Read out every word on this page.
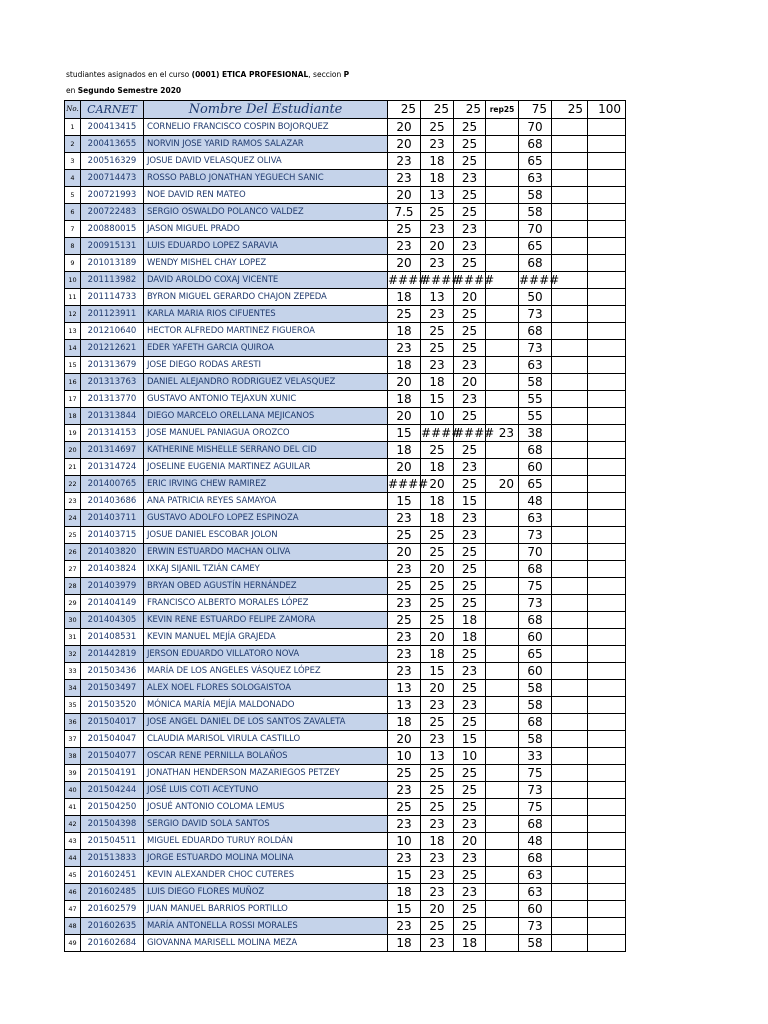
studiantes asignados en el curso (0001) ETICA PROFESIONAL, seccion P
en Segundo Semestre 2020
No.	CARNET	Nombre Del Estudiante	25	25	25	rep25	75	25	100
1	200413415	CORNELIO FRANCISCO COSPIN BOJORQUEZ	20	25	25		70		
2	200413655	NORVIN JOSE YARID RAMOS SALAZAR	20	23	25		68		
3	200516329	JOSUE DAVID VELASQUEZ OLIVA	23	18	25		65		
4	200714473	ROSSO PABLO JONATHAN YEGUECH SANIC	23	18	23		63		
5	200721993	NOE DAVID REN MATEO	20	13	25		58		
6	200722483	SERGIO OSWALDO POLANCO VALDEZ	7.5	25	25		58		
7	200880015	JASON MIGUEL PRADO	25	23	23		70		
8	200915131	LUIS EDUARDO LOPEZ SARAVIA	23	20	23		65		
9	201013189	WENDY MISHEL CHAY LOPEZ	20	23	25		68		
10	201113982	DAVID AROLDO COXAJ VICENTE	####	####	####		####		
11	201114733	BYRON MIGUEL GERARDO CHAJON ZEPEDA	18	13	20		50		
12	201123911	KARLA MARIA RIOS CIFUENTES	25	23	25		73		
13	201210640	HECTOR ALFREDO MARTINEZ FIGUEROA	18	25	25		68		
14	201212621	EDER YAFETH GARCIA QUIROA	23	25	25		73		
15	201313679	JOSE DIEGO RODAS ARESTI	18	23	23		63		
16	201313763	DANIEL ALEJANDRO RODRIGUEZ VELASQUEZ	20	18	20		58		
17	201313770	GUSTAVO ANTONIO TEJAXUN XUNIC	18	15	23		55		
18	201313844	DIEGO MARCELO ORELLANA MEJICANOS	20	10	25		55		
19	201314153	JOSE MANUEL PANIAGUA OROZCO	15	####	####	23	38		
20	201314697	KATHERINE MISHELLE SERRANO DEL CID	18	25	25		68		
21	201314724	JOSELINE EUGENIA MARTINEZ AGUILAR	20	18	23		60		
22	201400765	ERIC IRVING CHEW RAMIREZ	####	20	25	20	65		
23	201403686	ANA PATRICIA REYES SAMAYOA	15	18	15		48		
24	201403711	GUSTAVO ADOLFO LOPEZ ESPINOZA	23	18	23		63		
25	201403715	JOSUE DANIEL ESCOBAR JOLON	25	25	23		73		
26	201403820	ERWIN ESTUARDO MACHAN OLIVA	20	25	25		70		
27	201403824	IXKAJ SIJANIL TZIÁN CAMEY	23	20	25		68		
28	201403979	BRYAN OBED AGUSTÍN HERNÁNDEZ	25	25	25		75		
29	201404149	FRANCISCO ALBERTO MORALES LÓPEZ	23	25	25		73		
30	201404305	KEVIN RENE ESTUARDO FELIPE ZAMORA	25	25	18		68		
31	201408531	KEVIN MANUEL MEJÍA GRAJEDA	23	20	18		60		
32	201442819	JERSON EDUARDO VILLATORO NOVA	23	18	25		65		
33	201503436	MARÍA DE LOS ANGELES VÁSQUEZ LÓPEZ	23	15	23		60		
34	201503497	ALEX NOEL FLORES SOLOGAISTOA	13	20	25		58		
35	201503520	MÓNICA MARÍA MEJÍA MALDONADO	13	23	23		58		
36	201504017	JOSE ANGEL DANIEL DE LOS SANTOS ZAVALETA	18	25	25		68		
37	201504047	CLAUDIA MARISOL VIRULA CASTILLO	20	23	15		58		
38	201504077	OSCAR RENE PERNILLA BOLAÑOS	10	13	10		33		
39	201504191	JONATHAN HENDERSON MAZARIEGOS PETZEY	25	25	25		75		
40	201504244	JOSÉ LUIS COTI ACEYTUNO	23	25	25		73		
41	201504250	JOSUÉ ANTONIO COLOMA LEMUS	25	25	25		75		
42	201504398	SERGIO DAVID SOLA SANTOS	23	23	23		68		
43	201504511	MIGUEL EDUARDO TURUY ROLDÁN	10	18	20		48		
44	201513833	JORGE ESTUARDO MOLINA MOLINA	23	23	23		68		
45	201602451	KEVIN ALEXANDER CHOC CUTERES	15	23	25		63		
46	201602485	LUIS DIEGO FLORES MUÑOZ	18	23	23		63		
47	201602579	JUAN MANUEL BARRIOS PORTILLO	15	20	25		60		
48	201602635	MARÍA ANTONELLA ROSSI MORALES	23	25	25		73		
49	201602684	GIOVANNA MARISELL MOLINA MEZA	18	23	18		58		
